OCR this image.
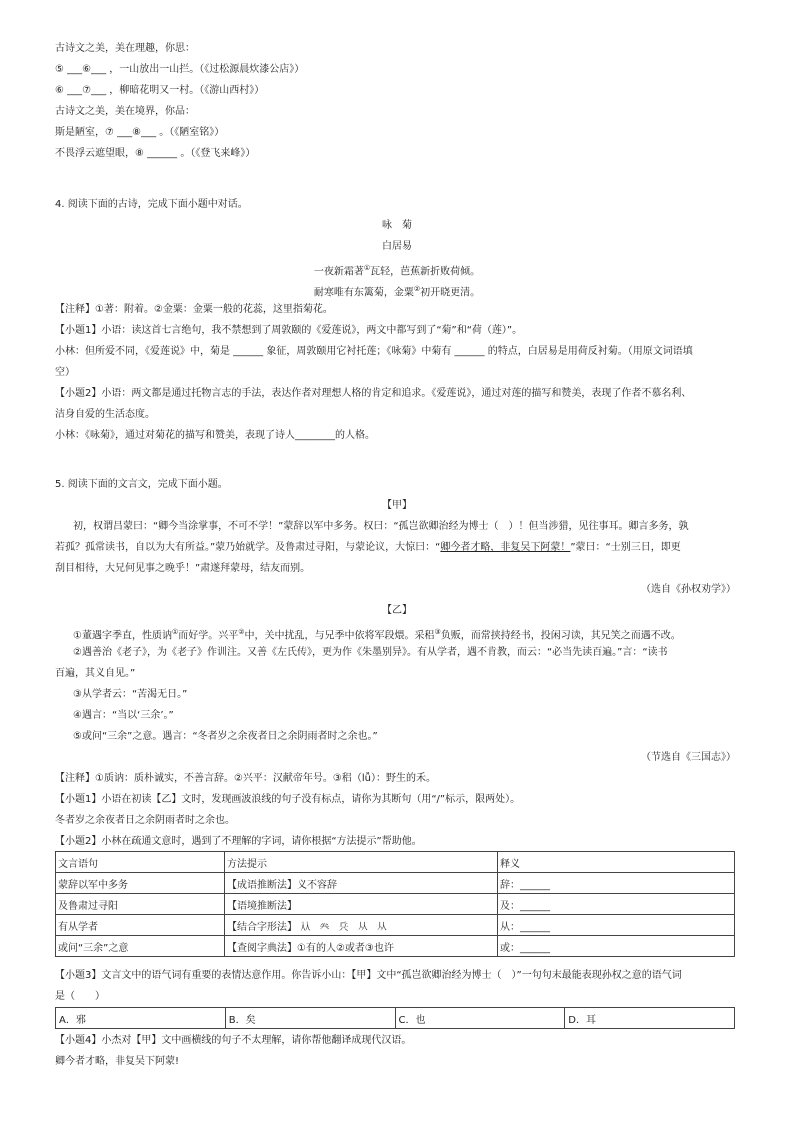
古诗文之美，美在理趣，你思：
⑤ ___⑥___ ，一山放出一山拦。（《过松源晨炊漆公店》）
⑥ ___⑦___ ，柳暗花明又一村。（《游山西村》）
古诗文之美，美在境界，你品：
斯是陋室，⑦ ___⑧___ 。（《陋室铭》）
不畏浮云遮望眼，⑧ ______ 。（《登飞来峰》）
4. 阅读下面的古诗，完成下面小题中对话。
咏　菊
白居易
一夜新霜著①瓦轻，芭蕉新折败荷倾。
耐寒唯有东篱菊，金粟②初开晓更清。
【注释】①著：附着。②金粟：金粟一般的花蕊，这里指菊花。
【小题1】小语：读这首七言绝句，我不禁想到了周敦颐的《爱莲说》，两文中都写到了“菊”和“荷（莲）”。
小林：但所爱不同，《爱莲说》中，菊是 ______ 象征，周敦颐用它衬托莲；《咏菊》中菊有 ______ 的特点，白居易是用荷反衬菊。（用原文词语填
空）
【小题2】小语：两文都是通过托物言志的手法，表达作者对理想人格的肯定和追求。《爱莲说》，通过对莲的描写和赞美，表现了作者不慕名利、
洁身自爱的生活态度。
小林：《咏菊》，通过对菊花的描写和赞美，表现了诗人________的人格。
5. 阅读下面的文言文，完成下面小题。
【甲】
初，权谓吕蒙曰：“卿今当涂掌事，不可不学！”蒙辞以军中多务。权曰：“孤岂欲卿治经为博士（　）！但当涉猎，见往事耳。卿言多务，孰
若孤？孤常读书，自以为大有所益。”蒙乃始就学。及鲁肃过寻阳，与蒙论议，大惊曰：“卿今者才略，非复吴下阿蒙！”蒙曰：“士别三日，即更
刮目相待，大兄何见事之晚乎！”肃遂拜蒙母，结友而别。
（选自《孙权劝学》）
【乙】
①董遇字季直，性质讷①而好学。兴平②中，关中扰乱，与兄季中依将军段煨。采稆③负贩，而常挟持经书，投闲习读，其兄笑之而遇不改。
②遇善治《老子》，为《老子》作训注。又善《左氏传》，更为作《朱墨别异》。有从学者，遇不肯教，而云：“必当先读百遍。”言：“读书
百遍，其义自见。”
③从学者云：“苦渴无日。”
④遇言：“当以‘三余’。”
⑤或问“三余”之意。遇言：“冬者岁之余夜者日之余阴雨者时之余也。”
（节选自《三国志》）
【注释】①质讷：质朴诚实，不善言辞。②兴平：汉献帝年号。③稆（lǚ）：野生的禾。
【小题1】小语在初读【乙】文时，发现画波浪线的句子没有标点，请你为其断句（用“/”标示，限两处）。
冬者岁之余夜者日之余阴雨者时之余也。
【小题2】小林在疏通文意时，遇到了不理解的字词，请你根据“方法提示”帮助他。
文言语句	方法提示	释义
蒙辞以军中多务	【成语推断法】义不容辞	辞：______
及鲁肃过寻阳	【语境推断法】	及：______
有从学者	【结合字形法】 𠓜 𠔉 𠔊 从 从	从：______
或问“三余”之意	【查阅字典法】①有的人②或者③也许	或：______
【小题3】文言文中的语气词有重要的表情达意作用。你告诉小山：【甲】文中“孤岂欲卿治经为博士（　）”一句句末最能表现孙权之意的语气词
是（　　）
A．邪	B．矣	C．也	D．耳
【小题4】小杰对【甲】文中画横线的句子不太理解，请你帮他翻译成现代汉语。
卿今者才略，非复吴下阿蒙!
